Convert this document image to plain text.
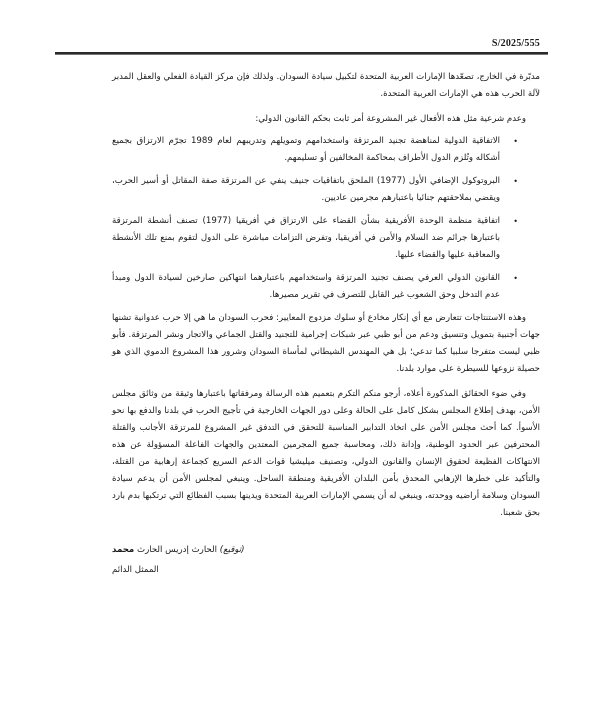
S/2025/555

مدبّرة في الخارج، تصعّدها الإمارات العربية المتحدة لتكبيل سيادة السودان. ولذلك فإن مركز القيادة الفعلي والعقل المدبر لآلة الحرب هذه هي الإمارات العربية المتحدة.

وعدم شرعية مثل هذه الأفعال غير المشروعة أمر ثابت بحكم القانون الدولي:

•
الاتفاقية الدولية لمناهضة تجنيد المرتزقة واستخدامهم وتمويلهم وتدريبهم لعام 1989 تجرّم الارتزاق بجميع أشكاله وتُلزم الدول الأطراف بمحاكمة المخالفين أو تسليمهم.
•
البروتوكول الإضافي الأول (1977) الملحق باتفاقيات جنيف ينفي عن المرتزقة صفة المقاتل أو أسير الحرب، ويقضي بملاحقتهم جنائيا باعتبارهم مجرمين عاديين.
•
اتفاقية منظمة الوحدة الأفريقية بشأن القضاء على الارتزاق في أفريقيا (1977) تصنف أنشطة المرتزقة باعتبارها جرائم ضد السلام والأمن في أفريقيا، وتفرض التزامات مباشرة على الدول لتقوم بمنع تلك الأنشطة والمعاقبة عليها والقضاء عليها.
•
القانون الدولي العرفي يصنف تجنيد المرتزقة واستخدامهم باعتبارهما انتهاكين صارخين لسيادة الدول ومبدأ عدم التدخل وحق الشعوب غير القابل للتصرف في تقرير مصيرها.

وهذه الاستنتاجات تتعارض مع أي إنكار مخادع أو سلوك مزدوج المعايير: فحرب السودان ما هي إلا حرب عدوانية تشنها جهات أجنبية بتمويل وتنسيق ودعم من أبو ظبي عبر شبكات إجرامية للتجنيد والقتل الجماعي والاتجار ونشر المرتزقة. فأبو ظبي ليست متفرجا سلبيا كما تدعي؛ بل هي المهندس الشيطاني لمأساة السودان وشرور هذا المشروع الدموي الذي هو حصيلة نزوعها للسيطرة على موارد بلدنا.

وفي ضوء الحقائق المذكورة أعلاه، أرجو منكم التكرم بتعميم هذه الرسالة ومرفقاتها باعتبارها وثيقة من وثائق مجلس الأمن، بهدف إطلاع المجلس بشكل كامل على الحالة وعلى دور الجهات الخارجية في تأجيج الحرب في بلدنا والدفع بها نحو الأسوأ. كما أحث مجلس الأمن على اتخاذ التدابير المناسبة للتحقق في التدفق غير المشروع للمرتزقة الأجانب والقتلة المحترفين عبر الحدود الوطنية، وإدانة ذلك، ومحاسبة جميع المجرمين المعتدين والجهات الفاعلة المسؤولة عن هذه الانتهاكات الفظيعة لحقوق الإنسان والقانون الدولي، وتصنيف ميليشيا قوات الدعم السريع كجماعة إرهابية من القتلة، والتأكيد على خطرها الإرهابي المحدق بأمن البلدان الأفريقية ومنطقة الساحل. وينبغي لمجلس الأمن أن يدعم سيادة السودان وسلامة أراضيه ووحدته، وينبغي له أن يسمي الإمارات العربية المتحدة ويدينها بسبب الفظائع التي ترتكبها بدم بارد بحق شعبنا.

(توقيع) الحارث إدريس الحارث محمد
الممثل الدائم
